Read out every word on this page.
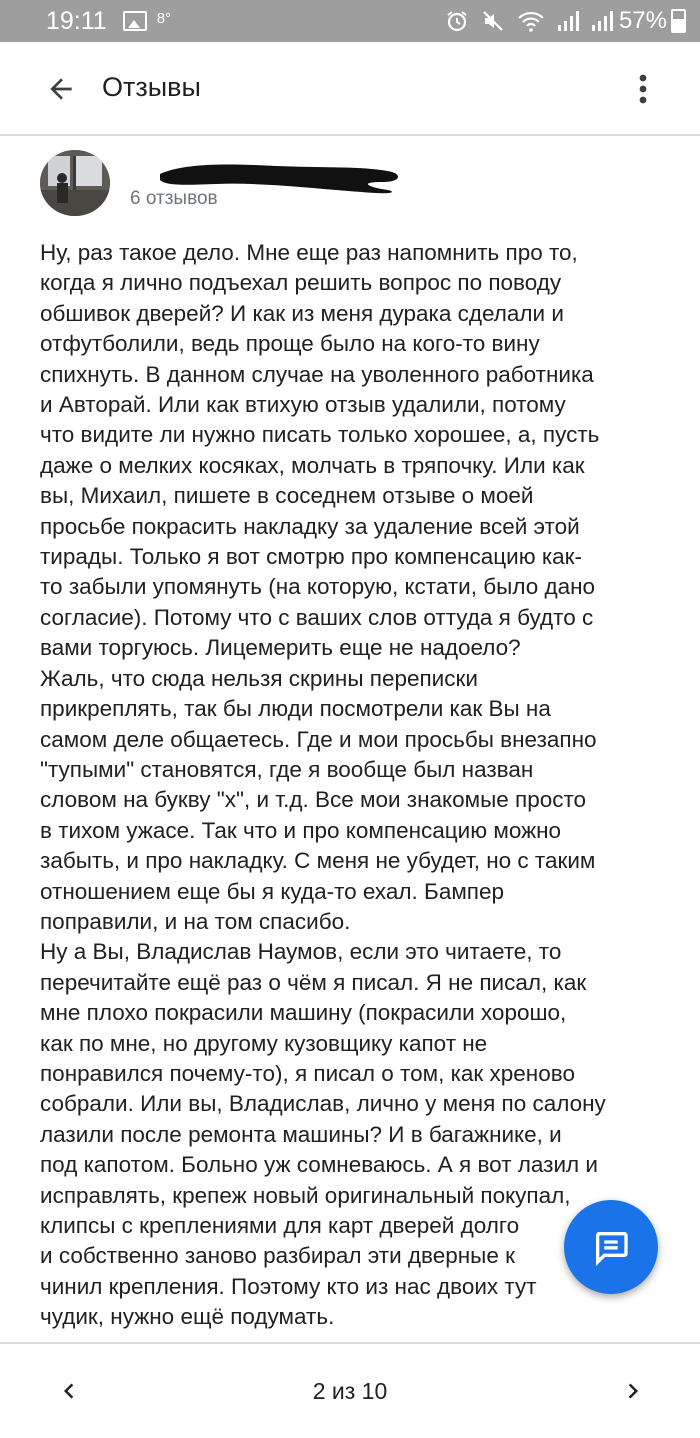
19:11	8°	57%
Отзывы
6 отзывов

Ну, раз такое дело. Мне еще раз напомнить про то,
когда я лично подъехал решить вопрос по поводу
обшивок дверей? И как из меня дурака сделали и
отфутболили, ведь проще было на кого-то вину
спихнуть. В данном случае на уволенного работника
и Авторай. Или как втихую отзыв удалили, потому
что видите ли нужно писать только хорошее, а, пусть
даже о мелких косяках, молчать в тряпочку. Или как
вы, Михаил, пишете в соседнем отзыве о моей
просьбе покрасить накладку за удаление всей этой
тирады. Только я вот смотрю про компенсацию как-
то забыли упомянуть (на которую, кстати, было дано
согласие). Потому что с ваших слов оттуда я будто с
вами торгуюсь. Лицемерить еще не надоело?
Жаль, что сюда нельзя скрины переписки
прикреплять, так бы люди посмотрели как Вы на
самом деле общаетесь. Где и мои просьбы внезапно
"тупыми" становятся, где я вообще был назван
словом на букву "х", и т.д. Все мои знакомые просто
в тихом ужасе. Так что и про компенсацию можно
забыть, и про накладку. С меня не убудет, но с таким
отношением еще бы я куда-то ехал. Бампер
поправили, и на том спасибо.
Ну а Вы, Владислав Наумов, если это читаете, то
перечитайте ещё раз о чём я писал. Я не писал, как
мне плохо покрасили машину (покрасили хорошо,
как по мне, но другому кузовщику капот не
понравился почему-то), я писал о том, как хреново
собрали. Или вы, Владислав, лично у меня по салону
лазили после ремонта машины? И в багажнике, и
под капотом. Больно уж сомневаюсь. А я вот лазил и
исправлять, крепеж новый оригинальный покупал,
клипсы с креплениями для карт дверей долго
и собственно заново разбирал эти дверные к
чинил крепления. Поэтому кто из нас двоих тут
чудик, нужно ещё подумать.

2 из 10
